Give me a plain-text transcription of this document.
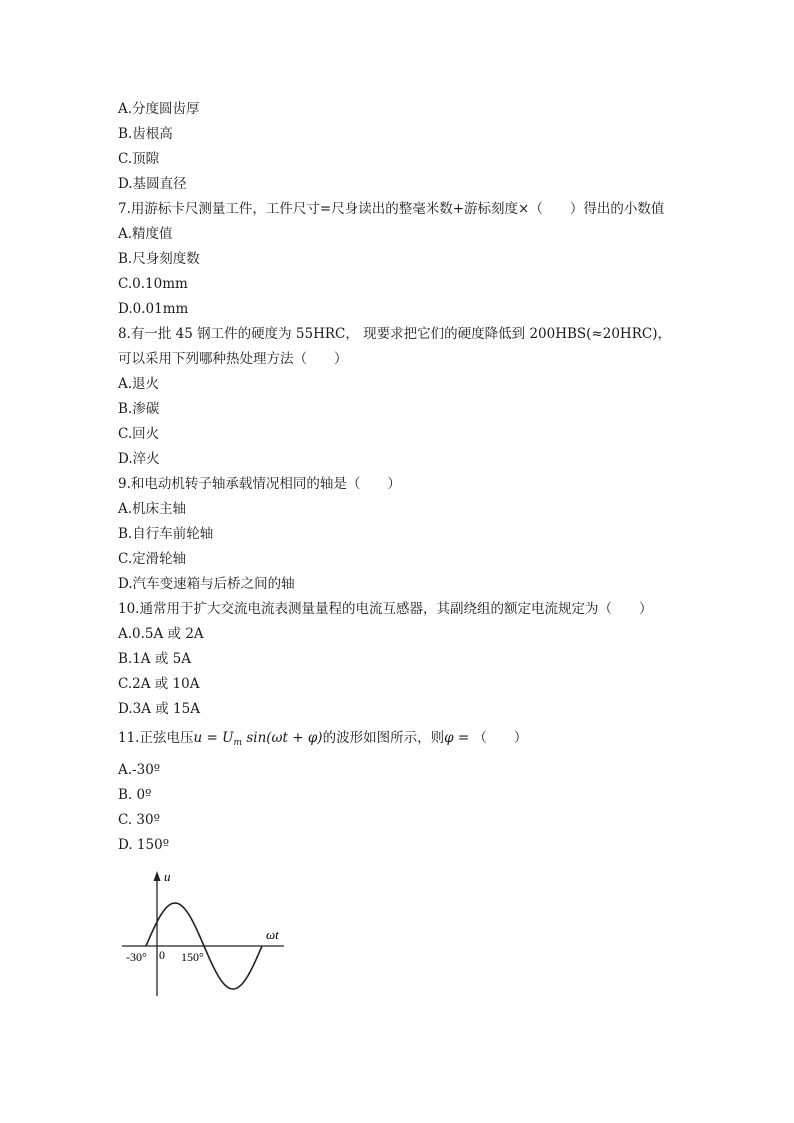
A.分度圆齿厚
B.齿根高
C.顶隙
D.基圆直径
7.用游标卡尺测量工件，工件尺寸=尺身读出的整毫米数+游标刻度×（　　）得出的小数值
A.精度值
B.尺身刻度数
C.0.10mm
D.0.01mm
8.有一批 45 钢工件的硬度为 55HRC， 现要求把它们的硬度降低到 200HBS(≈20HRC)， 可以采用下列哪种热处理方法（　　）
A.退火
B.渗碳
C.回火
D.淬火
9.和电动机转子轴承载情况相同的轴是（　　）
A.机床主轴
B.自行车前轮轴
C.定滑轮轴
D.汽车变速箱与后桥之间的轴
10.通常用于扩大交流电流表测量量程的电流互感器，其副绕组的额定电流规定为（　　）
A.0.5A 或 2A
B.1A 或 5A
C.2A 或 10A
D.3A 或 15A
11.正弦电压$u = U_m$ sin(ωt + φ)的波形如图所示，则φ = （　　）
A.-30º
B. 0º
C. 30º
D. 150º
u
ωt
-30° 0 150°
